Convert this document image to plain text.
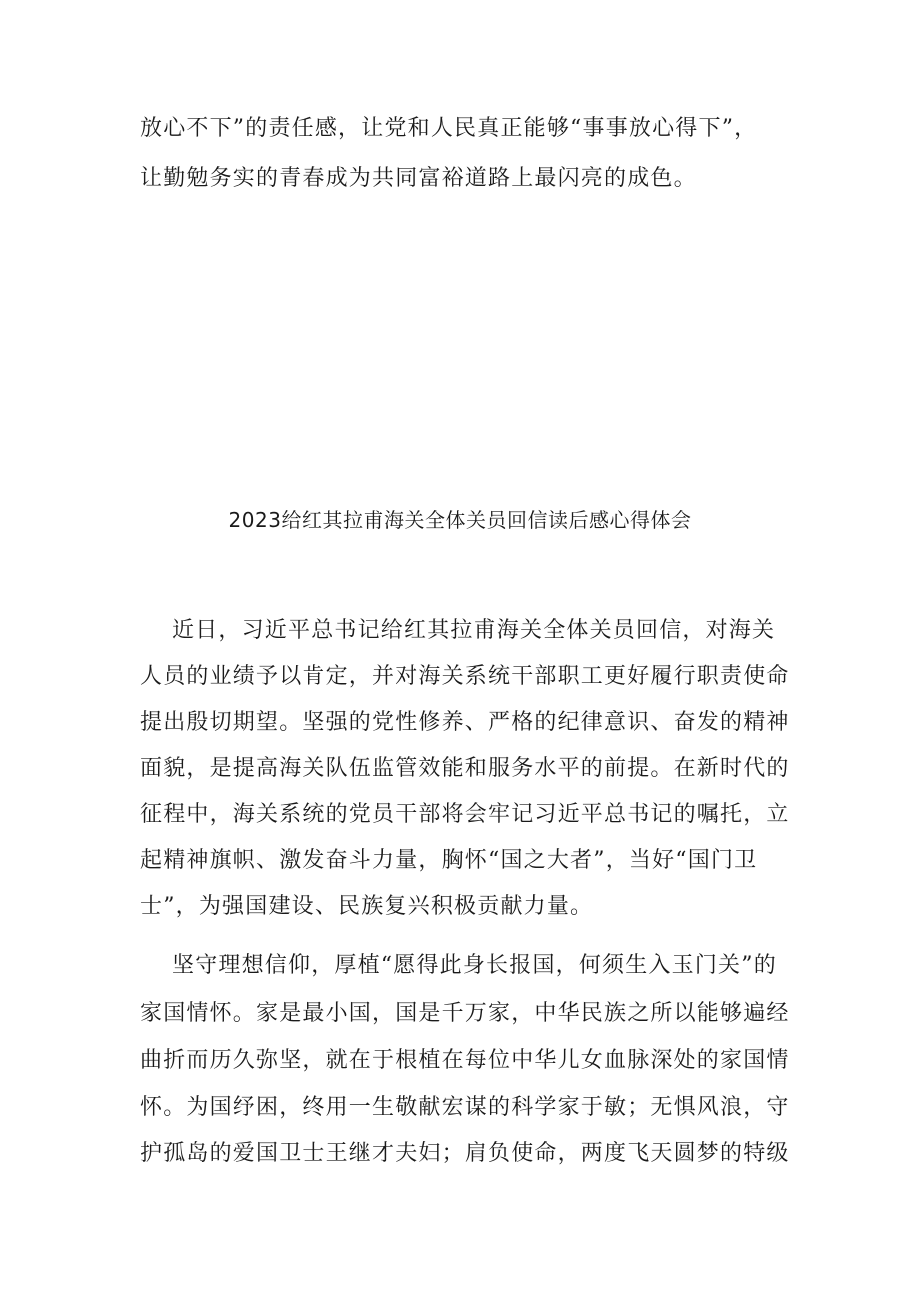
放心不下”的责任感，让党和人民真正能够“事事放心得下”，
让勤勉务实的青春成为共同富裕道路上最闪亮的成色。
2023给红其拉甫海关全体关员回信读后感心得体会
近日，习近平总书记给红其拉甫海关全体关员回信，对海关
人员的业绩予以肯定，并对海关系统干部职工更好履行职责使命
提出殷切期望。坚强的党性修养、严格的纪律意识、奋发的精神
面貌，是提高海关队伍监管效能和服务水平的前提。在新时代的
征程中，海关系统的党员干部将会牢记习近平总书记的嘱托，立
起精神旗帜、激发奋斗力量，胸怀“国之大者”，当好“国门卫
士”，为强国建设、民族复兴积极贡献力量。
坚守理想信仰，厚植“愿得此身长报国，何须生入玉门关”的
家国情怀。家是最小国，国是千万家，中华民族之所以能够遍经
曲折而历久弥坚，就在于根植在每位中华儿女血脉深处的家国情
怀。为国纾困，终用一生敬献宏谋的科学家于敏；无惧风浪，守
护孤岛的爱国卫士王继才夫妇；肩负使命，两度飞天圆梦的特级
